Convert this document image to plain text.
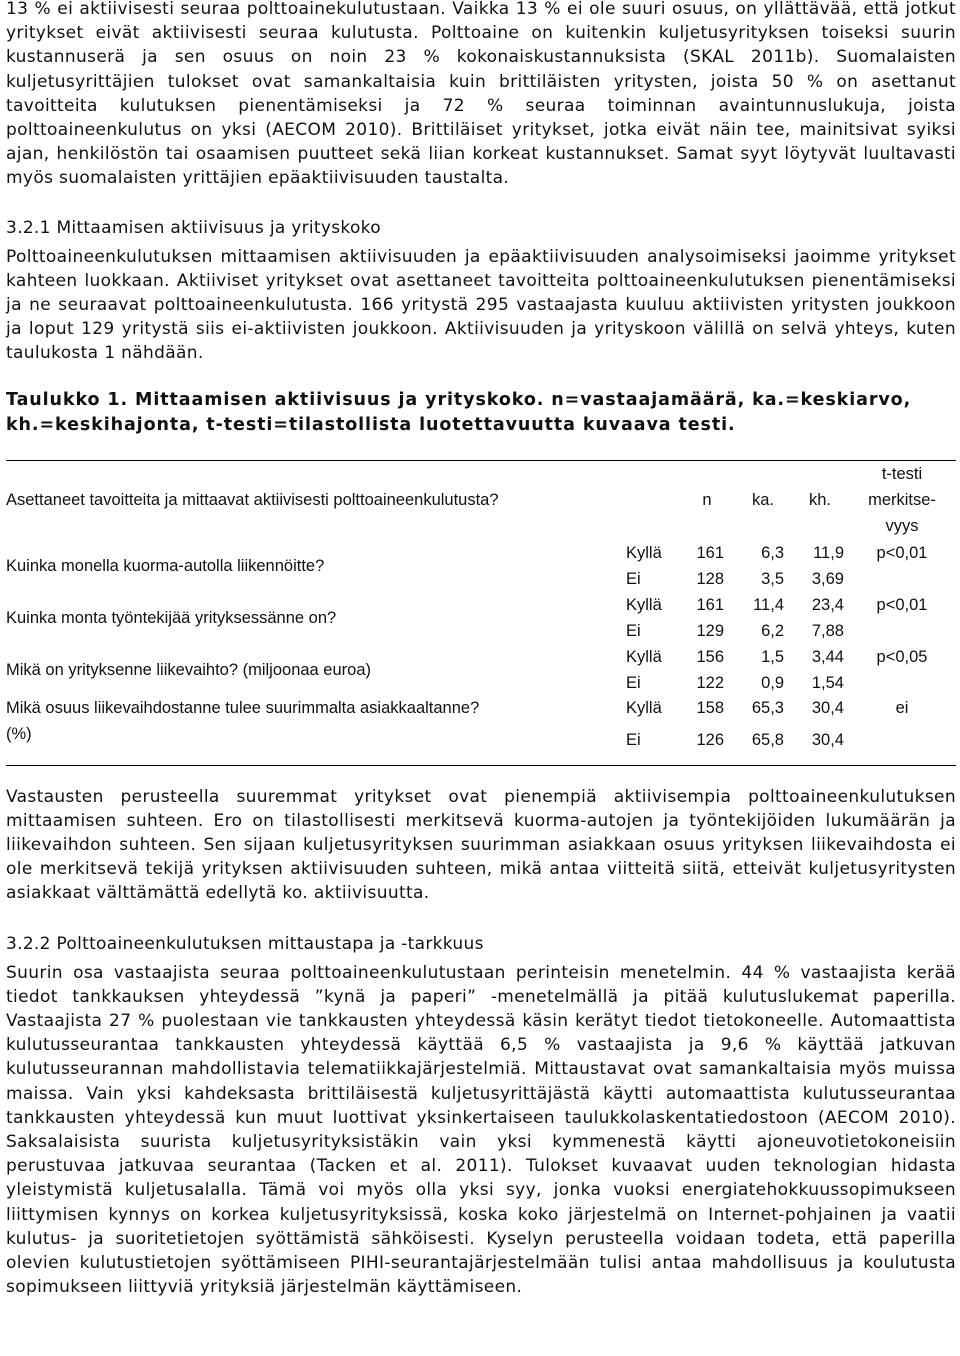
13 % ei aktiivisesti seuraa polttoainekulutustaan. Vaikka 13 % ei ole suuri osuus, on yllättävää, että jotkut yritykset eivät aktiivisesti seuraa kulutusta. Polttoaine on kuitenkin kuljetusyrityksen toiseksi suurin kustannuserä ja sen osuus on noin 23 % kokonaiskustannuksista (SKAL 2011b). Suomalaisten kuljetusyrittäjien tulokset ovat samankaltaisia kuin brittiläisten yritysten, joista 50 % on asettanut tavoitteita kulutuksen pienentämiseksi ja 72 % seuraa toiminnan avaintunnuslukuja, joista polttoaineenkulutus on yksi (AECOM 2010). Brittiläiset yritykset, jotka eivät näin tee, mainitsivat syiksi ajan, henkilöstön tai osaamisen puutteet sekä liian korkeat kustannukset. Samat syyt löytyvät luultavasti myös suomalaisten yrittäjien epäaktiivisuuden taustalta.

3.2.1 Mittaamisen aktiivisuus ja yrityskoko

Polttoaineenkulutuksen mittaamisen aktiivisuuden ja epäaktiivisuuden analysoimiseksi jaoimme yritykset kahteen luokkaan. Aktiiviset yritykset ovat asettaneet tavoitteita polttoaineenkulutuksen pienentämiseksi ja ne seuraavat polttoaineenkulutusta. 166 yritystä 295 vastaajasta kuuluu aktiivisten yritysten joukkoon ja loput 129 yritystä siis ei-aktiivisten joukkoon. Aktiivisuuden ja yrityskoon välillä on selvä yhteys, kuten taulukosta 1 nähdään.

Taulukko 1. Mittaamisen aktiivisuus ja yrityskoko. n=vastaajamäärä, ka.=keskiarvo, kh.=keskihajonta, t-testi=tilastollista luotettavuutta kuvaava testi.

Asettaneet tavoitteita ja mittaavat aktiivisesti polttoaineenkulutusta?	n	ka.	kh.
t-testi
merkitse-
vyys
Kuinka monella kuorma-autolla liikennöitte?
Kyllä	161	6,3	11,9	p<0,01
Ei	128	3,5	3,69
Kuinka monta työntekijää yrityksessänne on?
Kyllä	161	11,4	23,4	p<0,01
Ei	129	6,2	7,88
Mikä on yrityksenne liikevaihto? (miljoonaa euroa)
Kyllä	156	1,5	3,44	p<0,05
Ei	122	0,9	1,54
Mikä osuus liikevaihdostanne tulee suurimmalta asiakkaaltanne?
(%)
Kyllä	158	65,3	30,4	ei
Ei	126	65,8	30,4

Vastausten perusteella suuremmat yritykset ovat pienempiä aktiivisempia polttoaineenkulutuksen mittaamisen suhteen. Ero on tilastollisesti merkitsevä kuorma-autojen ja työntekijöiden lukumäärän ja liikevaihdon suhteen. Sen sijaan kuljetusyrityksen suurimman asiakkaan osuus yrityksen liikevaihdosta ei ole merkitsevä tekijä yrityksen aktiivisuuden suhteen, mikä antaa viitteitä siitä, etteivät kuljetusyritysten asiakkaat välttämättä edellytä ko. aktiivisuutta.

3.2.2 Polttoaineenkulutuksen mittaustapa ja -tarkkuus

Suurin osa vastaajista seuraa polttoaineenkulutustaan perinteisin menetelmin. 44 % vastaajista kerää tiedot tankkauksen yhteydessä ”kynä ja paperi” -menetelmällä ja pitää kulutuslukemat paperilla. Vastaajista 27 % puolestaan vie tankkausten yhteydessä käsin kerätyt tiedot tietokoneelle. Automaattista kulutusseurantaa tankkausten yhteydessä käyttää 6,5 % vastaajista ja 9,6 % käyttää jatkuvan kulutusseurannan mahdollistavia telematiikkajärjestelmiä. Mittaustavat ovat samankaltaisia myös muissa maissa. Vain yksi kahdeksasta brittiläisestä kuljetusyrittäjästä käytti automaattista kulutusseurantaa tankkausten yhteydessä kun muut luottivat yksinkertaiseen taulukkolaskentatiedostoon (AECOM 2010). Saksalaisista suurista kuljetusyrityksistäkin vain yksi kymmenestä käytti ajoneuvotietokoneisiin perustuvaa jatkuvaa seurantaa (Tacken et al. 2011). Tulokset kuvaavat uuden teknologian hidasta yleistymistä kuljetusalalla. Tämä voi myös olla yksi syy, jonka vuoksi energiatehokkuussopimukseen liittymisen kynnys on korkea kuljetusyrityksissä, koska koko järjestelmä on Internet-pohjainen ja vaatii kulutus- ja suoritetietojen syöttämistä sähköisesti. Kyselyn perusteella voidaan todeta, että paperilla olevien kulutustietojen syöttämiseen PIHI-seurantajärjestelmään tulisi antaa mahdollisuus ja koulutusta sopimukseen liittyviä yrityksiä järjestelmän käyttämiseen.
